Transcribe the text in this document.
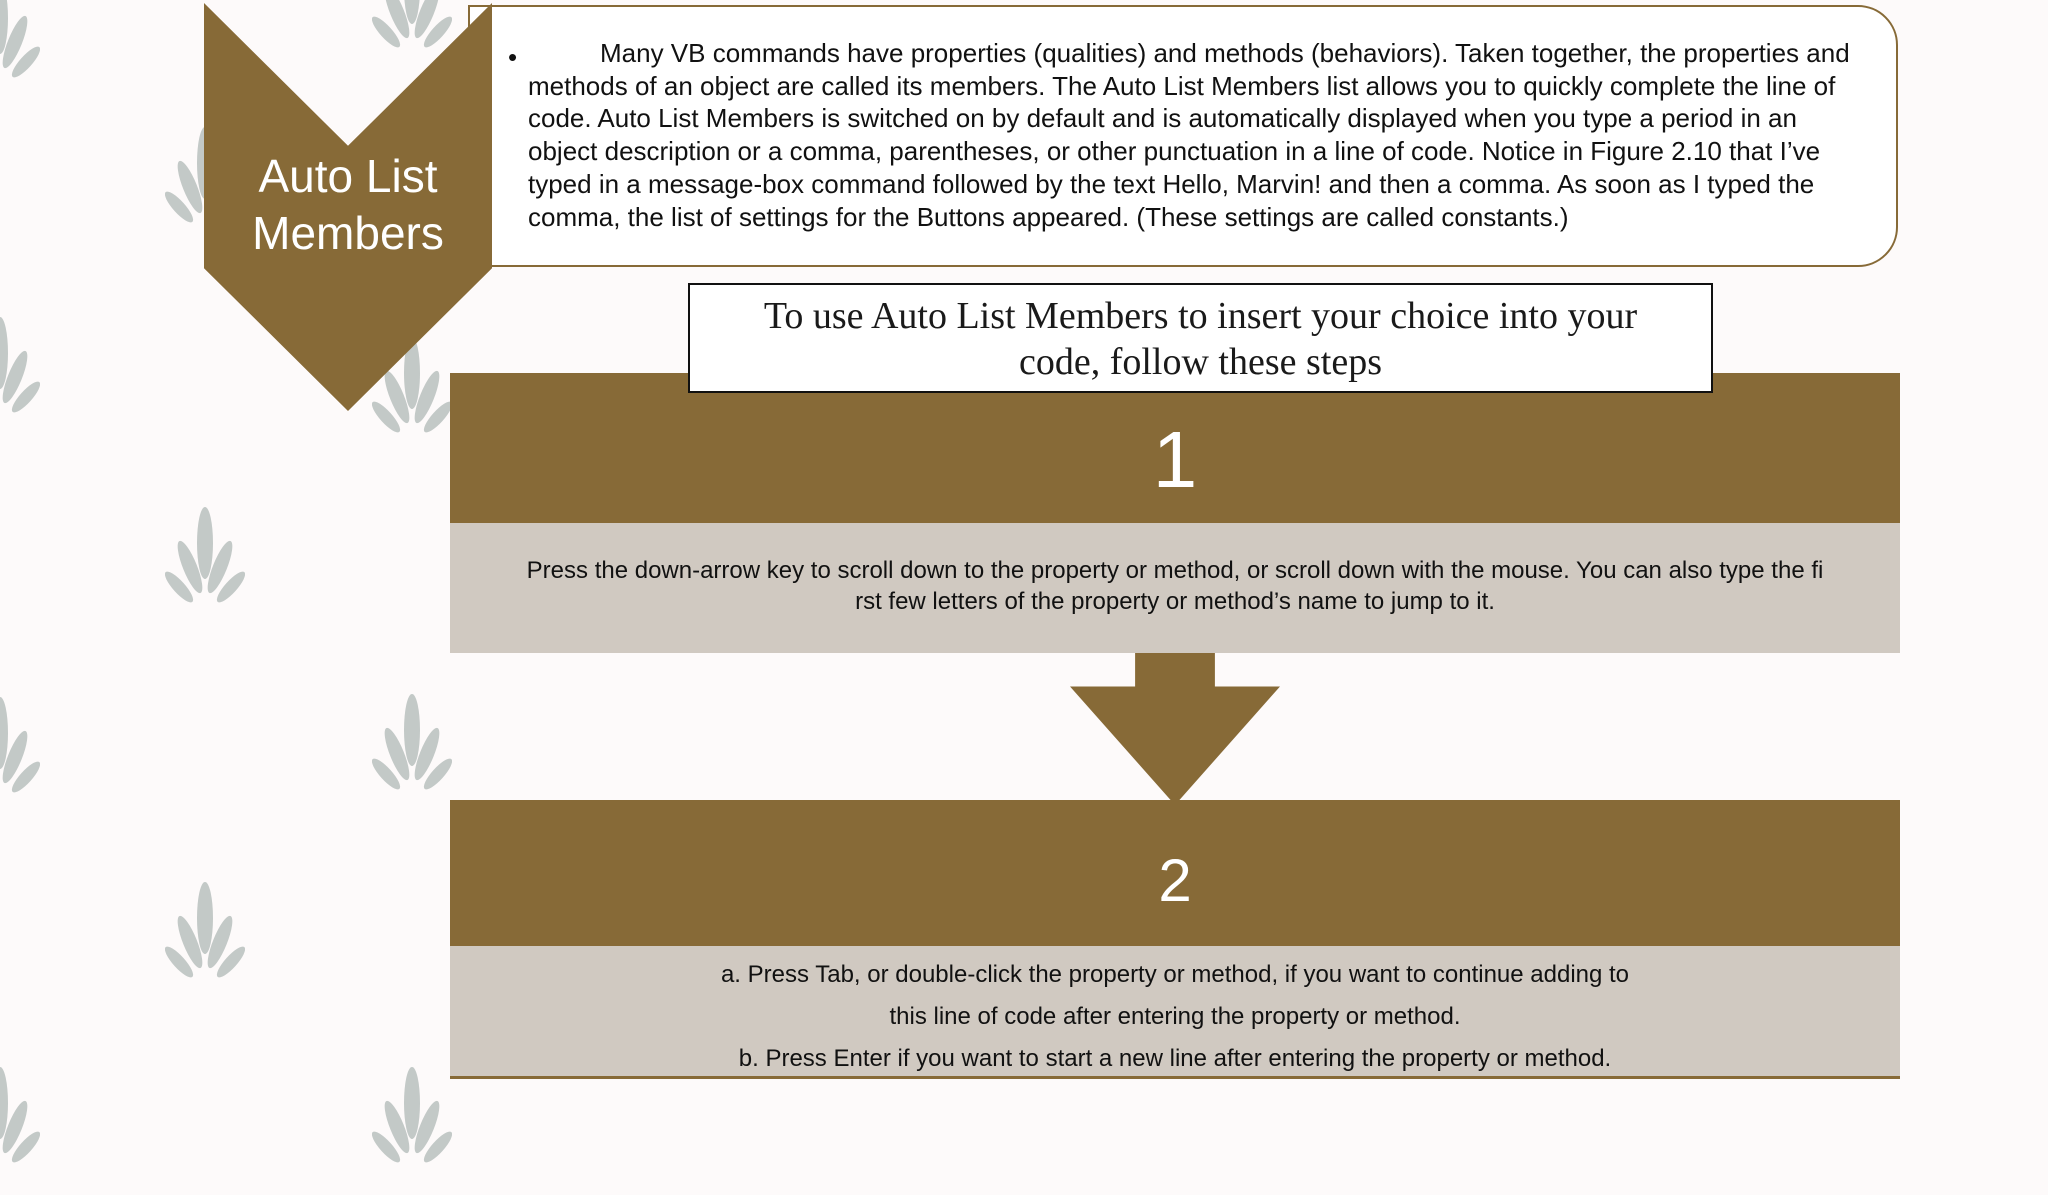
•	Many VB commands have properties (qualities) and methods (behaviors). Taken together, the properties and methods of an object are called its members. The Auto List Members list allows you to quickly complete the line of code. Auto List Members is switched on by default and is automatically displayed when you type a period in an object description or a comma, parentheses, or other punctuation in a line of code. Notice in Figure 2.10 that I’ve typed in a message-box command followed by the text Hello, Marvin! and then a comma. As soon as I typed the comma, the list of settings for the Buttons appeared. (These settings are called constants.)
Auto List
Members
1
Press the down-arrow key to scroll down to the property or method, or scroll down with the mouse. You can also type the fi
rst few letters of the property or method’s name to jump to it.
To use Auto List Members to insert your choice into your
code, follow these steps
2
a. Press Tab, or double-click the property or method, if you want to continue adding to
this line of code after entering the property or method.
b. Press Enter if you want to start a new line after entering the property or method.
